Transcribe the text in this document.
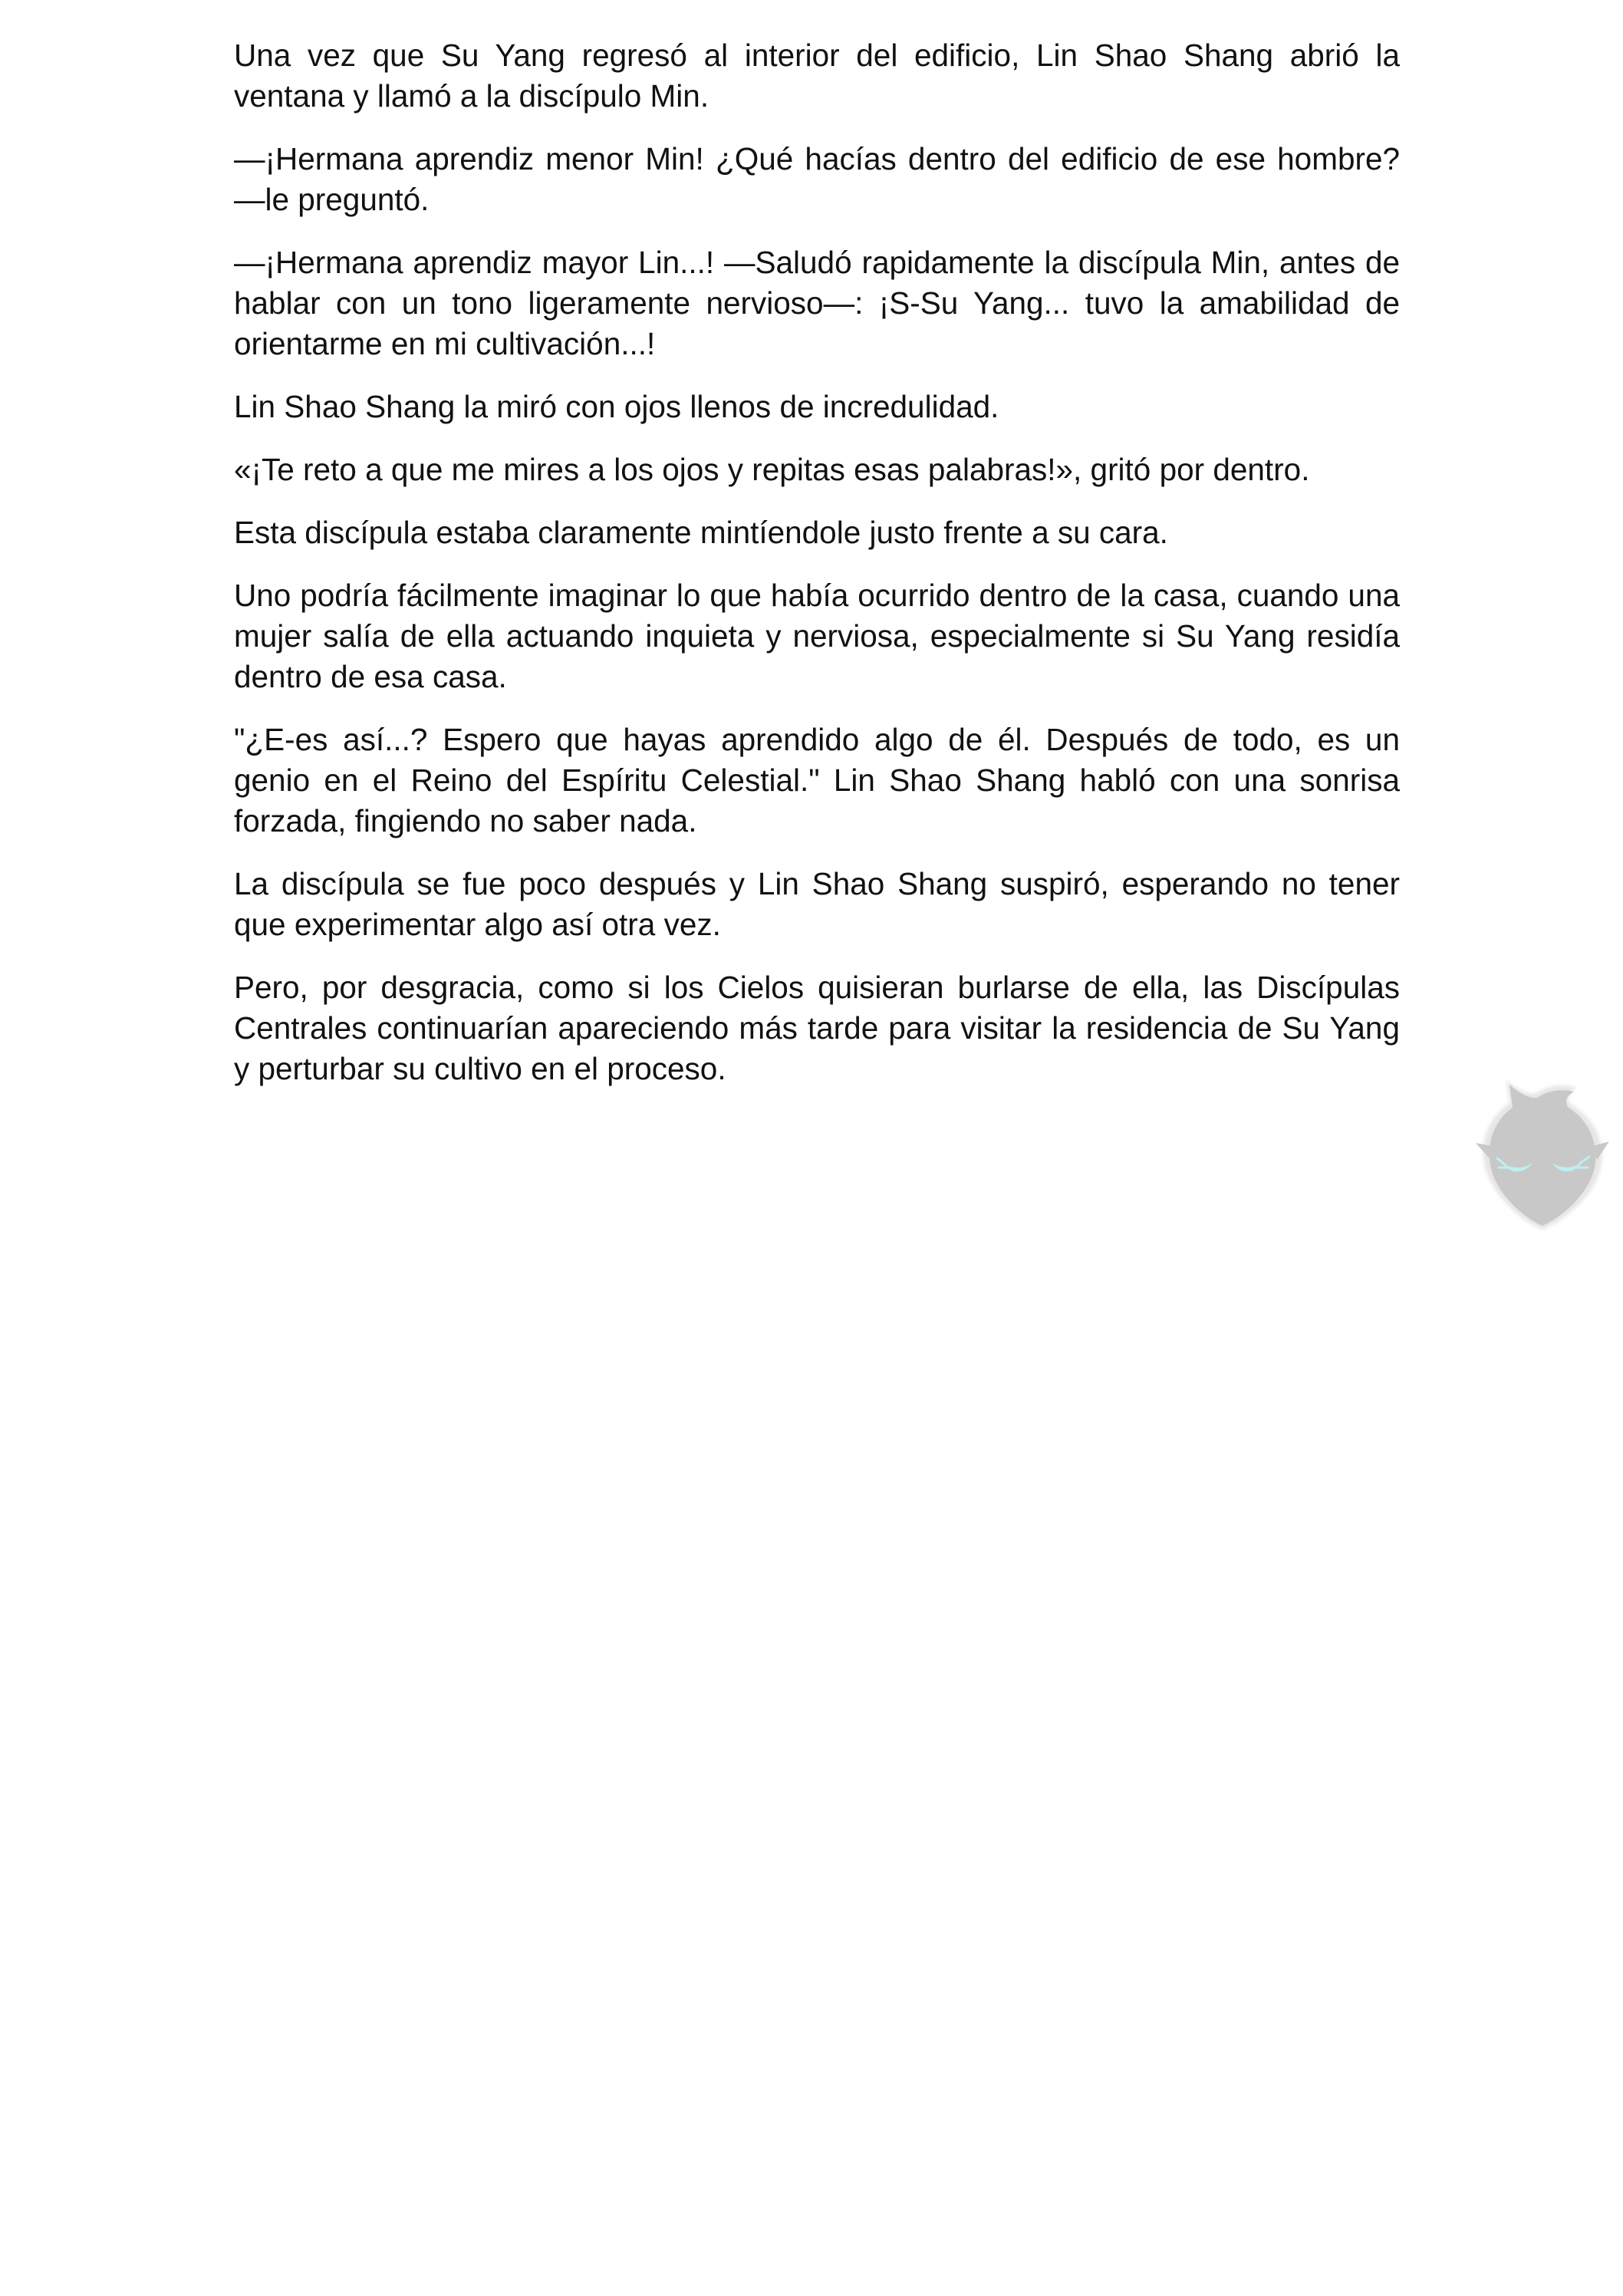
Una vez que Su Yang regresó al interior del edificio, Lin Shao Shang abrió la ventana y llamó a la discípulo Min.

—¡Hermana aprendiz menor Min! ¿Qué hacías dentro del edificio de ese hombre? —le preguntó.

—¡Hermana aprendiz mayor Lin...! —Saludó rapidamente la discípula Min, antes de hablar con un tono ligeramente nervioso—: ¡S-Su Yang... tuvo la amabilidad de orientarme en mi cultivación...!

Lin Shao Shang la miró con ojos llenos de incredulidad.

«¡Te reto a que me mires a los ojos y repitas esas palabras!», gritó por dentro.

Esta discípula estaba claramente mintíendole justo frente a su cara.

Uno podría fácilmente imaginar lo que había ocurrido dentro de la casa, cuando una mujer salía de ella actuando inquieta y nerviosa, especialmente si Su Yang residía dentro de esa casa.

"¿E-es así...? Espero que hayas aprendido algo de él. Después de todo, es un genio en el Reino del Espíritu Celestial." Lin Shao Shang habló con una sonrisa forzada, fingiendo no saber nada.

La discípula se fue poco después y Lin Shao Shang suspiró, esperando no tener que experimentar algo así otra vez.

Pero, por desgracia, como si los Cielos quisieran burlarse de ella, las Discípulas Centrales continuarían apareciendo más tarde para visitar la residencia de Su Yang y perturbar su cultivo en el proceso.
